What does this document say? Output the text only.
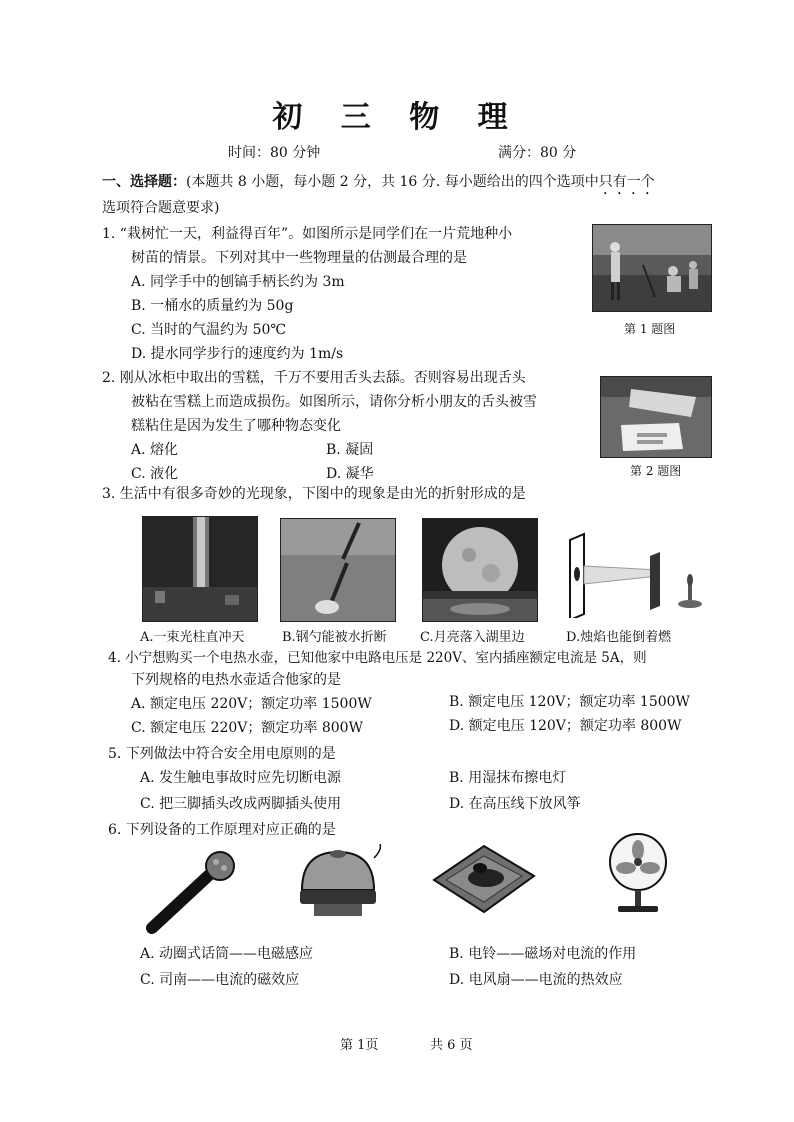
初 三 物 理
时间：80 分钟	满分：80 分
一、选择题：(本题共 8 小题，每小题 2 分，共 16 分. 每小题给出的四个选项中只有一个
选项符合题意要求)
1. “栽树忙一天，利益得百年”。如图所示是同学们在一片荒地种小
树苗的情景。下列对其中一些物理量的估测最合理的是
A. 同学手中的刨镐手柄长约为 3m
B. 一桶水的质量约为 50g
C. 当时的气温约为 50℃
D. 提水同学步行的速度约为 1m/s
第 1 题图
2. 刚从冰柜中取出的雪糕，千万不要用舌头去舔。否则容易出现舌头
被粘在雪糕上而造成损伤。如图所示，请你分析小朋友的舌头被雪
糕粘住是因为发生了哪种物态变化
A. 熔化	B. 凝固
C. 液化	D. 凝华	第 2 题图
3. 生活中有很多奇妙的光现象，下图中的现象是由光的折射形成的是
A.一束光柱直冲天	B.钢勺能被水折断	C.月亮落入湖里边	D.烛焰也能倒着燃
4. 小宁想购买一个电热水壶，已知他家中电路电压是 220V、室内插座额定电流是 5A，则
下列规格的电热水壶适合他家的是
A. 额定电压 220V；额定功率 1500W	B. 额定电压 120V；额定功率 1500W
C. 额定电压 220V；额定功率 800W	D. 额定电压 120V；额定功率 800W
5. 下列做法中符合安全用电原则的是
A. 发生触电事故时应先切断电源	B. 用湿抹布擦电灯
C. 把三脚插头改成两脚插头使用	D. 在高压线下放风筝
6. 下列设备的工作原理对应正确的是
A. 动圈式话筒——电磁感应	B. 电铃——磁场对电流的作用
C. 司南——电流的磁效应	D. 电风扇——电流的热效应
第 1页	共 6 页
